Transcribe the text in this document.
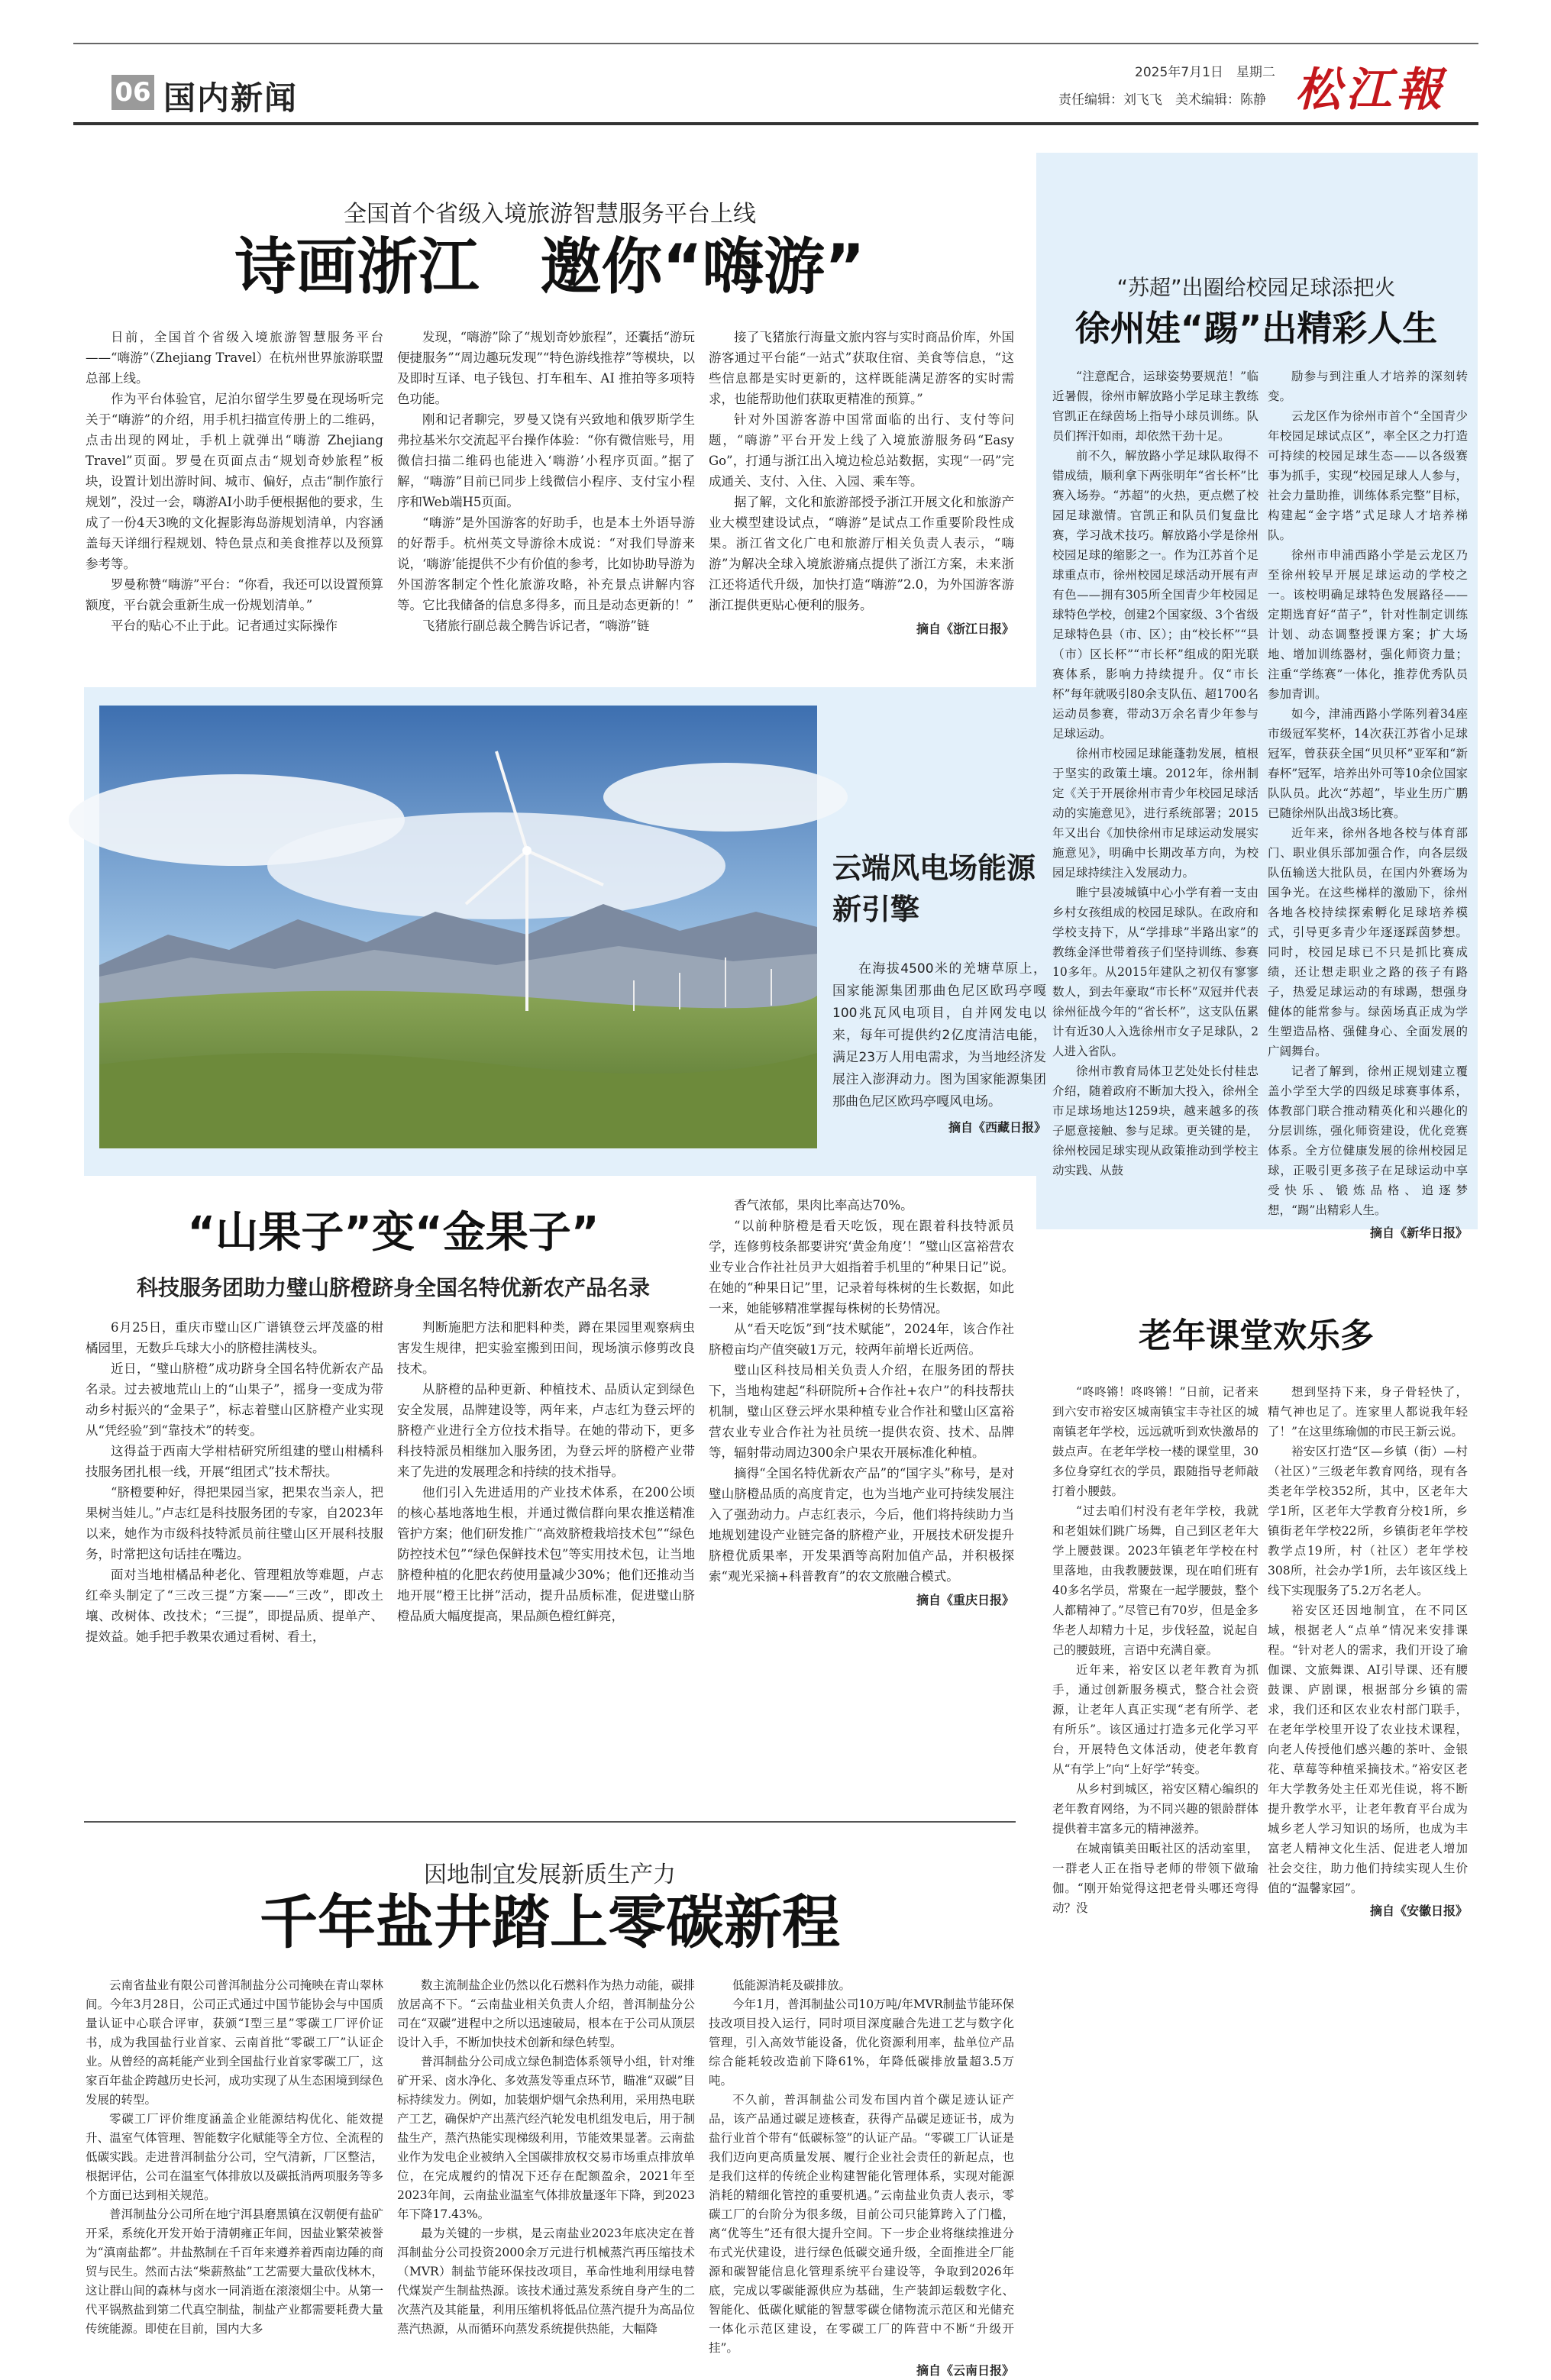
06 国内新闻
2025年7月1日　星期二
责任编辑：刘飞飞　美术编辑：陈静 松江報
全国首个省级入境旅游智慧服务平台上线
诗画浙江　邀你“嗨游”

日前，全国首个省级入境旅游智慧服务平台——“嗨游”（Zhejiang Travel）在杭州世界旅游联盟总部上线。

作为平台体验官，尼泊尔留学生罗曼在现场听完关于“嗨游”的介绍，用手机扫描宣传册上的二维码，点击出现的网址，手机上就弹出“嗨游 Zhejiang Travel”页面。罗曼在页面点击“规划奇妙旅程”板块，设置计划出游时间、城市、偏好，点击“制作旅行规划”，没过一会，嗨游AI小助手便根据他的要求，生成了一份4天3晚的文化握影海岛游规划清单，内容涵盖每天详细行程规划、特色景点和美食推荐以及预算参考等。

罗曼称赞“嗨游”平台：“你看，我还可以设置预算额度，平台就会重新生成一份规划清单。”

平台的贴心不止于此。记者通过实际操作

发现，“嗨游”除了“规划奇妙旅程”，还囊括“游玩便捷服务”“周边趣玩发现”“特色游线推荐”等模块，以及即时互译、电子钱包、打车租车、AI 推拍等多项特色功能。

刚和记者聊完，罗曼又饶有兴致地和俄罗斯学生弗拉基米尔交流起平台操作体验：“你有微信账号，用微信扫描二维码也能进入‘嗨游’小程序页面。”据了解，“嗨游”目前已同步上线微信小程序、支付宝小程序和Web端H5页面。

“嗨游”是外国游客的好助手，也是本土外语导游的好帮手。杭州英文导游徐木成说：“对我们导游来说，‘嗨游’能提供不少有价值的参考，比如协助导游为外国游客制定个性化旅游攻略，补充景点讲解内容等。它比我储备的信息多得多，而且是动态更新的！”

飞猪旅行副总裁仝腾告诉记者，“嗨游”链

接了飞猪旅行海量文旅内容与实时商品价库，外国游客通过平台能“一站式”获取住宿、美食等信息，“这些信息都是实时更新的，这样既能满足游客的实时需求，也能帮助他们获取更精准的预算。”

针对外国游客游中国常面临的出行、支付等问题，“嗨游”平台开发上线了入境旅游服务码“Easy Go”，打通与浙江出入境边检总站数据，实现“一码”完成通关、支付、入住、入园、乘车等。

据了解，文化和旅游部授予浙江开展文化和旅游产业大模型建设试点，“嗨游”是试点工作重要阶段性成果。浙江省文化广电和旅游厅相关负责人表示，“嗨游”为解决全球入境旅游痛点提供了浙江方案，未来浙江还将适代升级，加快打造“嗨游”2.0，为外国游客游浙江提供更贴心便利的服务。

摘自《浙江日报》
云端风电场能源新引擎
在海拔4500米的羌塘草原上，国家能源集团那曲色尼区欧玛亭嘎100兆瓦风电项目，自并网发电以来，每年可提供约2亿度清洁电能，满足23万人用电需求，为当地经济发展注入澎湃动力。图为国家能源集团那曲色尼区欧玛亭嘎风电场。
摘自《西藏日报》
“山果子”变“金果子”
科技服务团助力璧山脐橙跻身全国名特优新农产品名录

6月25日，重庆市璧山区广谱镇登云坪茂盛的柑橘园里，无数乒乓球大小的脐橙挂满枝头。

近日，“璧山脐橙”成功跻身全国名特优新农产品名录。过去被地荒山上的“山果子”，摇身一变成为带动乡村振兴的“金果子”，标志着璧山区脐橙产业实现从“凭经验”到“靠技术”的转变。

这得益于西南大学柑桔研究所组建的璧山柑橘科技服务团扎根一线，开展“组团式”技术帮扶。

“脐橙要种好，得把果园当家，把果农当亲人，把果树当娃儿。”卢志红是科技服务团的专家，自2023年以来，她作为市级科技特派员前往璧山区开展科技服务，时常把这句话挂在嘴边。

面对当地柑橘品种老化、管理粗放等难题，卢志红牵头制定了“三改三提”方案——“三改”，即改土壤、改树体、改技术；“三提”，即提品质、提单产、提效益。她手把手教果农通过看树、看土，

判断施肥方法和肥料种类，蹲在果园里观察病虫害发生规律，把实验室搬到田间，现场演示修剪改良技术。

从脐橙的品种更新、种植技术、品质认定到绿色安全发展，品牌建设等，两年来，卢志红为登云坪的脐橙产业进行全方位技术指导。在她的带动下，更多科技特派员相继加入服务团，为登云坪的脐橙产业带来了先进的发展理念和持续的技术指导。

他们引入先进适用的产业技术体系，在200公顷的核心基地落地生根，并通过微信群向果农推送精准管护方案；他们研发推广“高效脐橙栽培技术包”“绿色防控技术包”“绿色保鲜技术包”等实用技术包，让当地脐橙种植的化肥农药使用量减少30%；他们还推动当地开展“橙王比拼”活动，提升品质标准，促进璧山脐橙品质大幅度提高，果品颜色橙红鲜亮，

香气浓郁，果肉比率高达70%。

“以前种脐橙是看天吃饭，现在跟着科技特派员学，连修剪枝条都要讲究‘黄金角度’！”璧山区富裕营农业专业合作社社员尹大姐指着手机里的“种果日记”说。在她的“种果日记”里，记录着每株树的生长数据，如此一来，她能够精准掌握每株树的长势情况。

从“看天吃饭”到“技术赋能”，2024年，该合作社脐橙亩均产值突破1万元，较两年前增长近两倍。

璧山区科技局相关负责人介绍，在服务团的帮扶下，当地构建起“科研院所+合作社+农户”的科技帮扶机制，璧山区登云坪水果种植专业合作社和璧山区富裕营农业专业合作社为社员统一提供农资、技术、品牌等，辐射带动周边300余户果农开展标准化种植。

摘得“全国名特优新农产品”的“国字头”称号，是对璧山脐橙品质的高度肯定，也为当地产业可持续发展注入了强劲动力。卢志红表示，今后，他们将持续助力当地规划建设产业链完备的脐橙产业，开展技术研发提升脐橙优质果率，开发果酒等高附加值产品，并积极探索“观光采摘+科普教育”的农文旅融合模式。

摘自《重庆日报》
因地制宜发展新质生产力
千年盐井踏上零碳新程

云南省盐业有限公司普洱制盐分公司掩映在青山翠林间。今年3月28日，公司正式通过中国节能协会与中国质量认证中心联合评审，获颁“Ⅰ型三星”零碳工厂评价证书，成为我国盐行业首家、云南首批“零碳工厂”认证企业。从曾经的高耗能产业到全国盐行业首家零碳工厂，这家百年盐企跨越历史长河，成功实现了从生态困境到绿色发展的转型。

零碳工厂评价维度涵盖企业能源结构优化、能效提升、温室气体管理、智能数字化赋能等全方位、全流程的低碳实践。走进普洱制盐分公司，空气清新，厂区整洁，根据评估，公司在温室气体排放以及碳抵消两项服务等多个方面已达到相关规范。

普洱制盐分公司所在地宁洱县磨黑镇在汉朝便有盐矿开采，系统化开发开始于清朝雍正年间，因盐业繁荣被誉为“滇南盐都”。井盐熬制在千百年来遵养着西南边陲的商贸与民生。然而古法“柴薪熬盐”工艺需要大量砍伐林木，这让群山间的森林与卤水一同消逝在滚滚烟尘中。从第一代平锅熬盐到第二代真空制盐，制盐产业都需要耗费大量传统能源。即使在目前，国内大多

数主流制盐企业仍然以化石燃料作为热力动能，碳排放居高不下。“云南盐业相关负责人介绍，普洱制盐分公司在“双碳”进程中之所以迅速破局，根本在于公司从顶层设计入手，不断加快技术创新和绿色转型。

普洱制盐分公司成立绿色制造体系领导小组，针对维矿开采、卤水净化、多效蒸发等重点环节，瞄准“双碳”目标持续发力。例如，加装烟炉烟气余热利用，采用热电联产工艺，确保炉产出蒸汽经汽轮发电机组发电后，用于制盐生产，蒸汽热能实现梯级利用，节能效果显著。云南盐业作为发电企业被纳入全国碳排放权交易市场重点排放单位，在完成履约的情况下还存在配额盈余，2021年至2023年间，云南盐业温室气体排放量逐年下降，到2023年下降17.43%。

最为关键的一步棋，是云南盐业2023年底决定在普洱制盐分公司投资2000余万元进行机械蒸汽再压缩技术（MVR）制盐节能环保技改项目，革命性地利用绿电替代煤炭产生制盐热源。该技术通过蒸发系统自身产生的二次蒸汽及其能量，利用压缩机将低品位蒸汽提升为高品位蒸汽热源，从而循环向蒸发系统提供热能，大幅降

低能源消耗及碳排放。

今年1月，普洱制盐公司10万吨/年MVR制盐节能环保技改项目投入运行，同时项目深度融合先进工艺与数字化管理，引入高效节能设备，优化资源利用率，盐单位产品综合能耗较改造前下降61%，年降低碳排放量超3.5万吨。

不久前，普洱制盐公司发布国内首个碳足迹认证产品，该产品通过碳足迹核查，获得产品碳足迹证书，成为盐行业首个带有“低碳标签”的认证产品。“零碳工厂认证是我们迈向更高质量发展、履行企业社会责任的新起点，也是我们这样的传统企业构建智能化管理体系，实现对能源消耗的精细化管控的重要机遇。”云南盐业负责人表示，零碳工厂的台阶分为很多级，目前公司只能算跨入了门槛，离“优等生”还有很大提升空间。下一步企业将继续推进分布式光伏建设，进行绿色低碳交通升级，全面推进全厂能源和碳智能信息化管理系统平台建设等，争取到2026年底，完成以零碳能源供应为基础，生产装卸运载数字化、智能化、低碳化赋能的智慧零碳仓储物流示范区和光储充一体化示范区建设，在零碳工厂的阵营中不断“升级开挂”。

摘自《云南日报》
“苏超”出圈给校园足球添把火
徐州娃“踢”出精彩人生

“注意配合，运球姿势要规范！”临近暑假，徐州市解放路小学足球主教练官凯正在绿茵场上指导小球员训练。队员们挥汗如雨，却依然干劲十足。

前不久，解放路小学足球队取得不错成绩，顺利拿下两张明年“省长杯”比赛入场券。“苏超”的火热，更点燃了校园足球激情。官凯正和队员们复盘比赛，学习战术技巧。解放路小学是徐州校园足球的缩影之一。作为江苏首个足球重点市，徐州校园足球活动开展有声有色——拥有305所全国青少年校园足球特色学校，创建2个国家级、3个省级足球特色县（市、区）；由“校长杯”“县（市）区长杯”“市长杯”组成的阳光联赛体系，影响力持续提升。仅“市长杯”每年就吸引80余支队伍、超1700名运动员参赛，带动3万余名青少年参与足球运动。

徐州市校园足球能蓬勃发展，植根于坚实的政策土壤。2012年，徐州制定《关于开展徐州市青少年校园足球活动的实施意见》，进行系统部署；2015年又出台《加快徐州市足球运动发展实施意见》，明确中长期改革方向，为校园足球持续注入发展动力。

睢宁县凌城镇中心小学有着一支由乡村女孩组成的校园足球队。在政府和学校支持下，从“学排球”半路出家”的教练金泽世带着孩子们坚持训练、参赛10多年。从2015年建队之初仅有寥寥数人，到去年豪取“市长杯”双冠并代表徐州征战今年的“省长杯”，这支队伍累计有近30人入选徐州市女子足球队，2人进入省队。

徐州市教育局体卫艺处处长付桂忠介绍，随着政府不断加大投入，徐州全市足球场地达1259块，越来越多的孩子愿意接触、参与足球。更关键的是，徐州校园足球实现从政策推动到学校主动实践、从鼓

励参与到注重人才培养的深刻转变。

云龙区作为徐州市首个“全国青少年校园足球试点区”，率全区之力打造可持续的校园足球生态——以各级赛事为抓手，实现“校园足球人人参与，社会力量助推，训练体系完整”目标，构建起“金字塔”式足球人才培养梯队。

徐州市申浦西路小学是云龙区乃至徐州较早开展足球运动的学校之一。该校明确足球特色发展路径——定期选育好“苗子”，针对性制定训练计划、动态调整授课方案；扩大场地、增加训练器材，强化师资力量；注重“学练赛”一体化，推荐优秀队员参加青训。

如今，津浦西路小学陈列着34座市级冠军奖杯，14次获江苏省小足球冠军，曾获获全国“贝贝杯”亚军和“新春杯”冠军，培养出外可等10余位国家队队员。此次“苏超”，毕业生历广鹏已随徐州队出战3场比赛。

近年来，徐州各地各校与体育部门、职业俱乐部加强合作，向各层级队伍输送大批队员，在国内外赛场为国争光。在这些梯样的激励下，徐州各地各校持续探索孵化足球培养模式，引导更多青少年逐逐踩茵梦想。同时，校园足球已不只是抓比赛成绩，还让想走职业之路的孩子有路子，热爱足球运动的有球踢，想强身健体的能常参与。绿茵场真正成为学生塑造品格、强健身心、全面发展的广阔舞台。

记者了解到，徐州正规划建立覆盖小学至大学的四级足球赛事体系，体教部门联合推动精英化和兴趣化的分层训练，强化师资建设，优化竞赛体系。全方位健康发展的徐州校园足球，正吸引更多孩子在足球运动中享受快乐、锻炼品格、追逐梦想，“踢”出精彩人生。

摘自《新华日报》
老年课堂欢乐多

“咚咚锵！咚咚锵！”日前，记者来到六安市裕安区城南镇宝丰寺社区的城南镇老年学校，远远就听到欢快激昂的鼓点声。在老年学校一楼的课堂里，30多位身穿红衣的学员，跟随指导老师敲打着小腰鼓。

“过去咱们村没有老年学校，我就和老姐妹们跳广场舞，自己到区老年大学上腰鼓课。2023年镇老年学校在村里落地，由我教腰鼓课，现在咱们班有40多名学员，常聚在一起学腰鼓，整个人都精神了。”尽管已有70岁，但是金多华老人却精力十足，步伐轻盈，说起自己的腰鼓班，言语中充满自豪。

近年来，裕安区以老年教育为抓手，通过创新服务模式，整合社会资源，让老年人真正实现“老有所学、老有所乐”。该区通过打造多元化学习平台，开展特色文体活动，使老年教育从“有学上”向“上好学”转变。

从乡村到城区，裕安区精心编织的老年教育网络，为不同兴趣的银龄群体提供着丰富多元的精神滋养。

在城南镇美田畈社区的活动室里，一群老人正在指导老师的带领下做瑜伽。“刚开始觉得这把老骨头哪还弯得动？没

想到坚持下来，身子骨轻快了，精气神也足了。连家里人都说我年轻了！”在这里练瑜伽的市民王新云说。

裕安区打造“区—乡镇（街）—村（社区）”三级老年教育网络，现有各类老年学校352所，其中，区老年大学1所，区老年大学教育分校1所，乡镇街老年学校22所，乡镇街老年学校教学点19所，村（社区）老年学校308所，社会办学1所，去年该区线上线下实现服务了5.2万名老人。

裕安区还因地制宜，在不同区域，根据老人“点单”情况来安排课程。“针对老人的需求，我们开设了瑜伽课、文旅舞课、AI引导课、还有腰鼓课、庐剧课，根据部分乡镇的需求，我们还和区农业农村部门联手，在老年学校里开设了农业技术课程，向老人传授他们感兴趣的茶叶、金银花、草莓等种植采摘技术。”裕安区老年大学教务处主任邓光佳说，将不断提升教学水平，让老年教育平台成为城乡老人学习知识的场所，也成为丰富老人精神文化生活、促进老人增加社会交往，助力他们持续实现人生价值的“温馨家园”。

摘自《安徽日报》
